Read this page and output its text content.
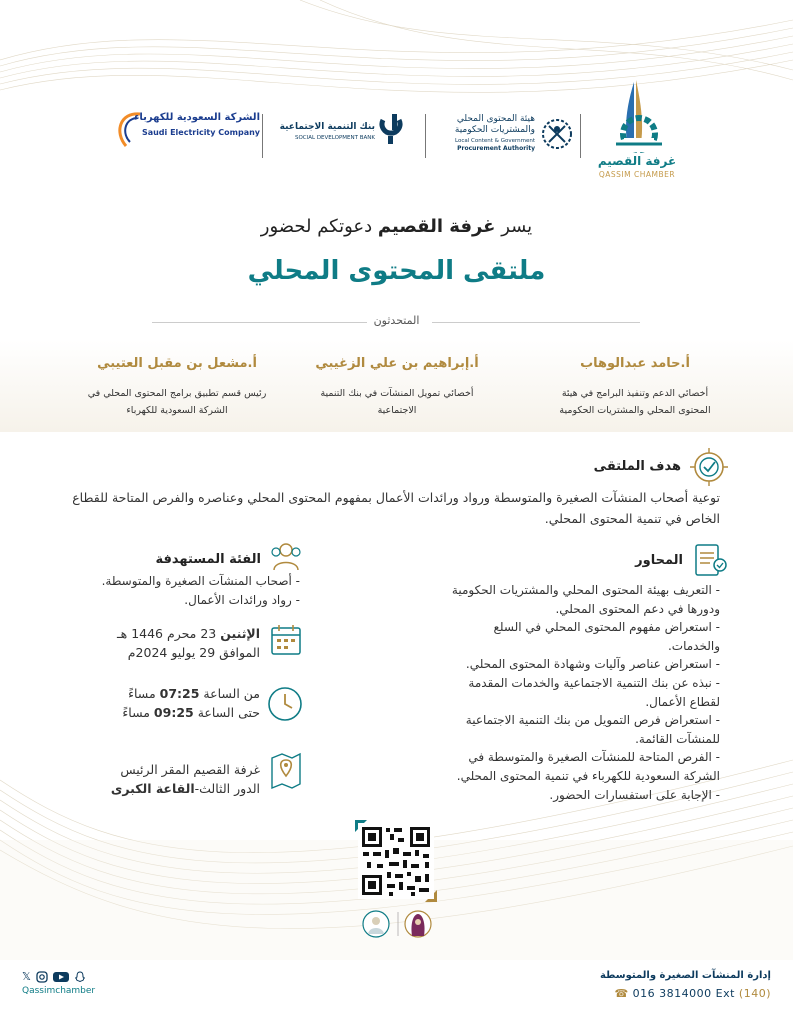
الشركة السعودية للكهرباء
Saudi Electricity Company
بنك التنمية الاجتماعية
SOCIAL DEVELOPMENT BANK
هيئة المحتوى المحلي
والمشتريات الحكومية
Local Content & Government
Procurement Authority
غرفة القصيم
QASSIM CHAMBER
يسر غرفة القصيم دعوتكم لحضور
ملتقى المحتوى المحلي
المتحدثون
أ.حامد عبدالوهاب
أخصائي الدعم وتنفيذ البرامج في هيئة
المحتوى المحلي والمشتريات الحكومية
أ.إبراهيم بن علي الزغيبي
أخصائي تمويل المنشآت في بنك التنمية
الاجتماعية
أ.مشعل بن مقبل العتيبي
رئيس قسم تطبيق برامج المحتوى المحلي في
الشركة السعودية للكهرباء
هدف الملتقى
توعية أصحاب المنشآت الصغيرة والمتوسطة ورواد ورائدات الأعمال بمفهوم المحتوى المحلي وعناصره والفرص المتاحة للقطاع الخاص في تنمية المحتوى المحلي.
المحاور
- التعريف بهيئة المحتوى المحلي والمشتريات الحكومية
ودورها في دعم المحتوى المحلي.
- استعراض مفهوم المحتوى المحلي في السلع
والخدمات.
- استعراض عناصر وآليات وشهادة المحتوى المحلي.
- نبذه عن بنك التنمية الاجتماعية والخدمات المقدمة
لقطاع الأعمال.
- استعراض فرص التمويل من بنك التنمية الاجتماعية
للمنشآت القائمة.
- الفرص المتاحة للمنشآت الصغيرة والمتوسطة في
الشركة السعودية للكهرباء في تنمية المحتوى المحلي.
- الإجابة على استفسارات الحضور.
الفئة المستهدفة
- أصحاب المنشآت الصغيرة والمتوسطة.
- رواد ورائدات الأعمال.
الإثنين 23 محرم 1446 هـ
الموافق 29 يوليو 2024م
من الساعة 07:25 مساءً
حتى الساعة 09:25 مساءً
غرفة القصيم المقر الرئيس
الدور الثالث-القاعة الكبرى
𝕏
Qassimchamber
إدارة المنشآت الصغيرة والمتوسطة
☎ 016 3814000 Ext (140)
